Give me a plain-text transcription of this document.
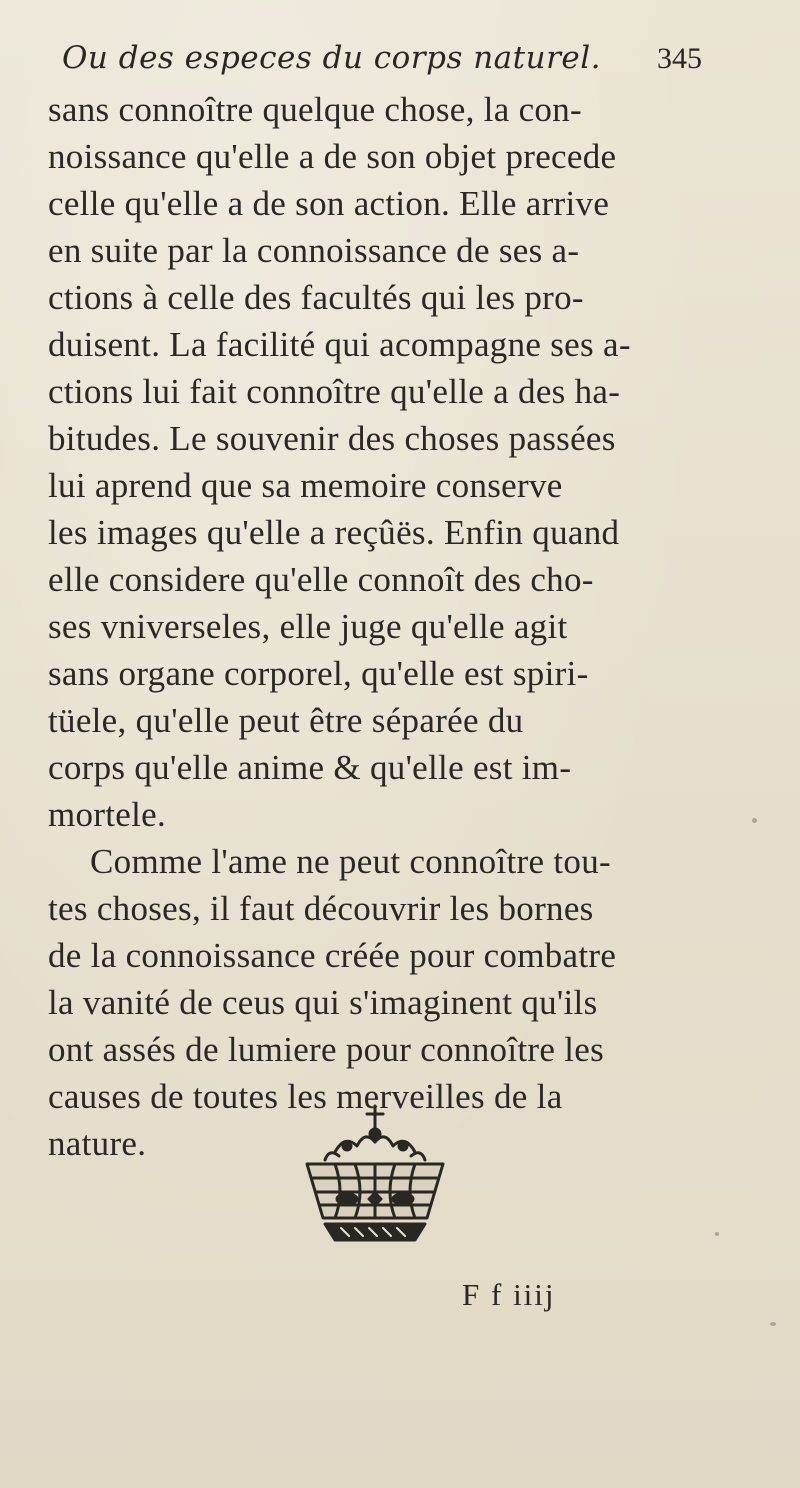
Ou des especes du corps naturel. 345
sans connoître quelque chose, la con-
noissance qu'elle a de son objet precede
celle qu'elle a de son action. Elle arrive
en suite par la connoissance de ses a-
ctions à celle des facultés qui les pro-
duisent. La facilité qui acompagne ses a-
ctions lui fait connoître qu'elle a des ha-
bitudes. Le souvenir des choses passées
lui aprend que sa memoire conserve
les images qu'elle a reçûës. Enfin quand
elle considere qu'elle connoît des cho-
ses vniverseles, elle juge qu'elle agit
sans organe corporel, qu'elle est spiri-
tüele, qu'elle peut être séparée du
corps qu'elle anime & qu'elle est im-
mortele.
Comme l'ame ne peut connoître tou-
tes choses, il faut découvrir les bornes
de la connoissance créée pour combatre
la vanité de ceus qui s'imaginent qu'ils
ont assés de lumiere pour connoître les
causes de toutes les merveilles de la
nature.
F f iiij
